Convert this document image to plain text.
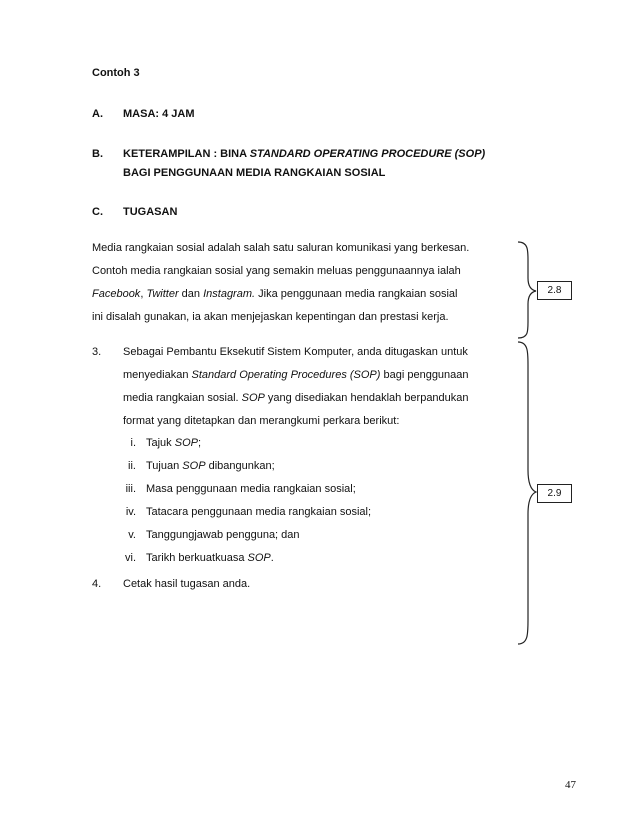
Contoh 3
A. MASA: 4 JAM
B. KETERAMPILAN : BINA STANDARD OPERATING PROCEDURE (SOP)
BAGI PENGGUNAAN MEDIA RANGKAIAN SOSIAL
C. TUGASAN
Media rangkaian sosial adalah salah satu saluran komunikasi yang berkesan.
Contoh media rangkaian sosial yang semakin meluas penggunaannya ialah
Facebook, Twitter dan Instagram. Jika penggunaan media rangkaian sosial
ini disalah gunakan, ia akan menjejaskan kepentingan dan prestasi kerja.
3. Sebagai Pembantu Eksekutif Sistem Komputer, anda ditugaskan untuk
menyediakan Standard Operating Procedures (SOP) bagi penggunaan
media rangkaian sosial. SOP yang disediakan hendaklah berpandukan
format yang ditetapkan dan merangkumi perkara berikut:
i. Tajuk SOP;
ii. Tujuan SOP dibangunkan;
iii. Masa penggunaan media rangkaian sosial;
iv. Tatacara penggunaan media rangkaian sosial;
v. Tanggungjawab pengguna; dan
vi. Tarikh berkuatkuasa SOP.
4. Cetak hasil tugasan anda.
2.8
2.9
47
